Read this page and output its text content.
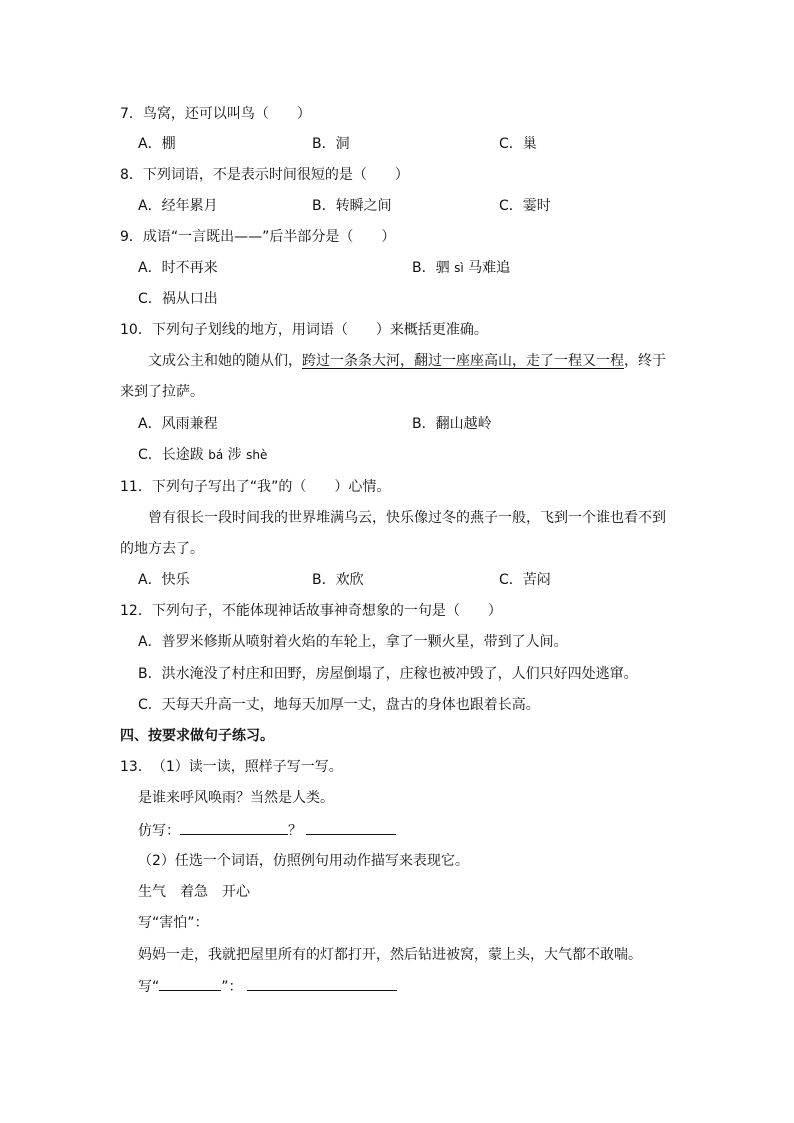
7．鸟窝，还可以叫鸟（　　）
A．棚	B．洞	C．巢
8．下列词语，不是表示时间很短的是（　　）
A．经年累月	B．转瞬之间	C．霎时
9．成语“一言既出——”后半部分是（　　）
A．时不再来	B．驷 sì 马难追
C．祸从口出
10．下列句子划线的地方，用词语（　　）来概括更准确。
文成公主和她的随从们，跨过一条条大河，翻过一座座高山，走了一程又一程，终于
来到了拉萨。
A．风雨兼程	B．翻山越岭
C．长途跋 bá 涉 shè
11．下列句子写出了“我”的（　　）心情。
曾有很长一段时间我的世界堆满乌云，快乐像过冬的燕子一般，飞到一个谁也看不到
的地方去了。
A．快乐	B．欢欣	C．苦闷
12．下列句子，不能体现神话故事神奇想象的一句是（　　）
A．普罗米修斯从喷射着火焰的车轮上，拿了一颗火星，带到了人间。
B．洪水淹没了村庄和田野，房屋倒塌了，庄稼也被冲毁了，人们只好四处逃窜。
C．天每天升高一丈，地每天加厚一丈，盘古的身体也跟着长高。
四、按要求做句子练习。
13．　（1）读一读，照样子写一写。
是谁来呼风唤雨？当然是人类。
仿写：	？
（2）任选一个词语，仿照例句用动作描写来表现它。
生气　着急　开心
写“害怕”：
妈妈一走，我就把屋里所有的灯都打开，然后钻进被窝，蒙上头，大气都不敢喘。
写“	”：
